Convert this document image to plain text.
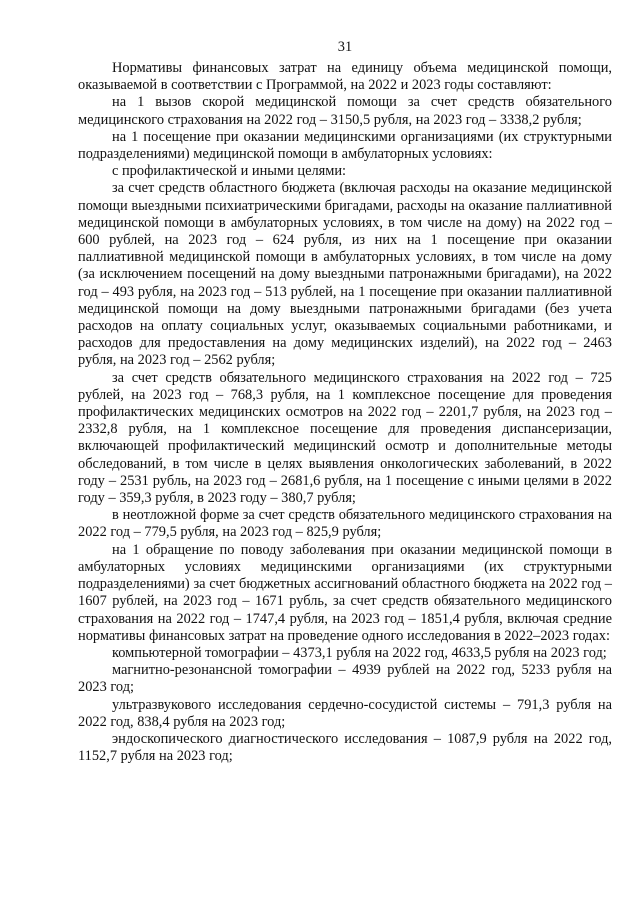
31

Нормативы финансовых затрат на единицу объема медицинской помощи, оказываемой в соответствии с Программой, на 2022 и 2023 годы составляют:

на 1 вызов скорой медицинской помощи за счет средств обязательного медицинского страхования на 2022 год – 3150,5 рубля, на 2023 год – 3338,2 рубля;

на 1 посещение при оказании медицинскими организациями (их структурными подразделениями) медицинской помощи в амбулаторных условиях:

с профилактической и иными целями:

за счет средств областного бюджета (включая расходы на оказание медицинской помощи выездными психиатрическими бригадами, расходы на оказание паллиативной медицинской помощи в амбулаторных условиях, в том числе на дому) на 2022 год – 600 рублей, на 2023 год – 624 рубля, из них на 1 посещение при оказании паллиативной медицинской помощи в амбулаторных условиях, в том числе на дому (за исключением посещений на дому выездными патронажными бригадами), на 2022 год – 493 рубля, на 2023 год – 513 рублей, на 1 посещение при оказании паллиативной медицинской помощи на дому выездными патронажными бригадами (без учета расходов на оплату социальных услуг, оказываемых социальными работниками, и расходов для предоставления на дому медицинских изделий), на 2022 год – 2463 рубля, на 2023 год – 2562 рубля;

за счет средств обязательного медицинского страхования на 2022 год – 725 рублей, на 2023 год – 768,3 рубля, на 1 комплексное посещение для проведения профилактических медицинских осмотров на 2022 год – 2201,7 рубля, на 2023 год – 2332,8 рубля, на 1 комплексное посещение для проведения диспансеризации, включающей профилактический медицинский осмотр и дополнительные методы обследований, в том числе в целях выявления онкологических заболеваний, в 2022 году – 2531 рубль, на 2023 год – 2681,6 рубля, на 1 посещение с иными целями в 2022 году – 359,3 рубля, в 2023 году – 380,7 рубля;

в неотложной форме за счет средств обязательного медицинского страхования на 2022 год – 779,5 рубля, на 2023 год – 825,9 рубля;

на 1 обращение по поводу заболевания при оказании медицинской помощи в амбулаторных условиях медицинскими организациями (их структурными подразделениями) за счет бюджетных ассигнований областного бюджета на 2022 год – 1607 рублей, на 2023 год – 1671 рубль, за счет средств обязательного медицинского страхования на 2022 год – 1747,4 рубля, на 2023 год – 1851,4 рубля, включая средние нормативы финансовых затрат на проведение одного исследования в 2022–2023 годах:

компьютерной томографии – 4373,1 рубля на 2022 год, 4633,5 рубля на 2023 год;

магнитно-резонансной томографии – 4939 рублей на 2022 год, 5233 рубля на 2023 год;

ультразвукового исследования сердечно-сосудистой системы – 791,3 рубля на 2022 год, 838,4 рубля на 2023 год;

эндоскопического диагностического исследования – 1087,9 рубля на 2022 год, 1152,7 рубля на 2023 год;
